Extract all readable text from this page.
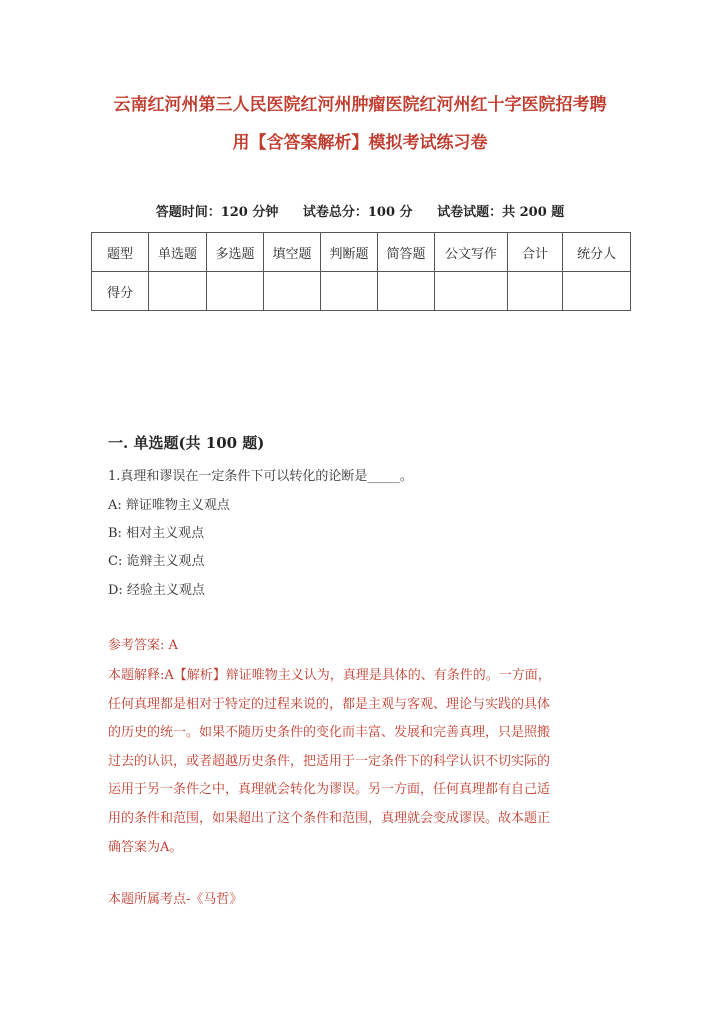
云南红河州第三人民医院红河州肿瘤医院红河州红十字医院招考聘
用【含答案解析】模拟考试练习卷
答题时间：120 分钟 试卷总分：100 分 试卷试题：共 200 题
题型	单选题	多选题	填空题	判断题	简答题	公文写作	合计	统分人
得分								
一. 单选题(共 100 题)
1.真理和谬误在一定条件下可以转化的论断是_____。
A: 辩证唯物主义观点
B: 相对主义观点
C: 诡辩主义观点
D: 经验主义观点
参考答案: A
本题解释:A【解析】辩证唯物主义认为，真理是具体的、有条件的。一方面，
任何真理都是相对于特定的过程来说的，都是主观与客观、理论与实践的具体
的历史的统一。如果不随历史条件的变化而丰富、发展和完善真理，只是照搬
过去的认识，或者超越历史条件，把适用于一定条件下的科学认识不切实际的
运用于另一条件之中，真理就会转化为谬误。另一方面，任何真理都有自己适
用的条件和范围，如果超出了这个条件和范围，真理就会变成谬误。故本题正
确答案为A。
本题所属考点-《马哲》
